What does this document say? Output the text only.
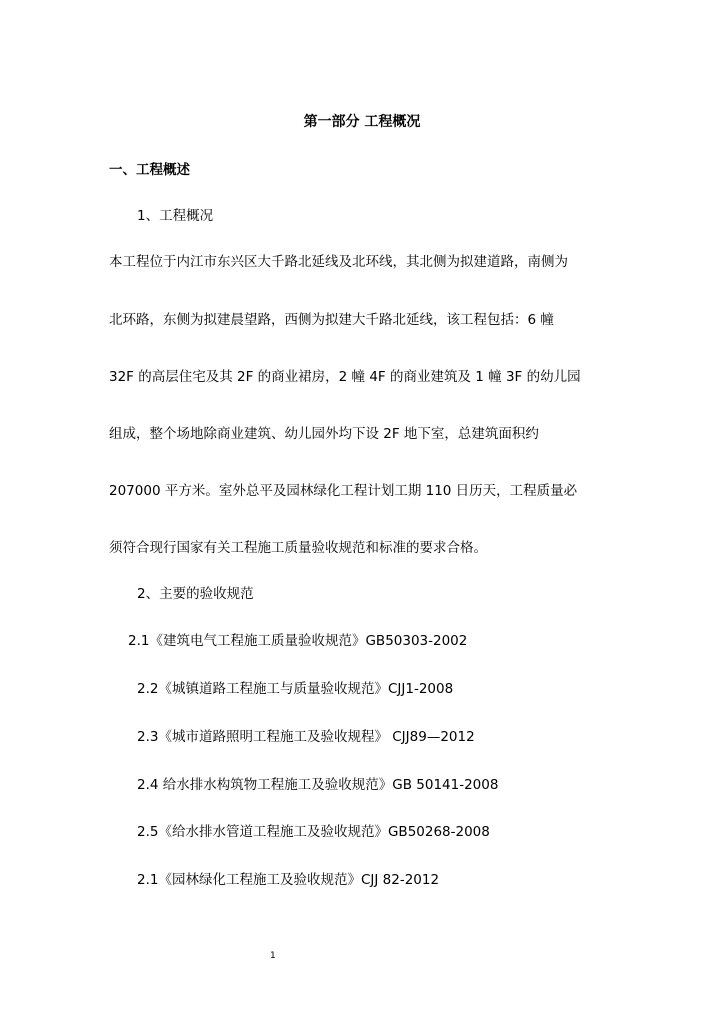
第一部分 工程概况
一、工程概述
1、工程概况
本工程位于内江市东兴区大千路北延线及北环线，其北侧为拟建道路，南侧为
北环路，东侧为拟建晨望路，西侧为拟建大千路北延线，该工程包括：6 幢
32F 的高层住宅及其 2F 的商业裙房，2 幢 4F 的商业建筑及 1 幢 3F 的幼儿园
组成，整个场地除商业建筑、幼儿园外均下设 2F 地下室，总建筑面积约
207000 平方米。室外总平及园林绿化工程计划工期 110 日历天，工程质量必
须符合现行国家有关工程施工质量验收规范和标准的要求合格。
2、主要的验收规范
2.1《建筑电气工程施工质量验收规范》GB50303-2002
2.2《城镇道路工程施工与质量验收规范》CJJ1-2008
2.3《城市道路照明工程施工及验收规程》 CJJ89—2012
2.4 给水排水构筑物工程施工及验收规范》GB 50141-2008
2.5《给水排水管道工程施工及验收规范》GB50268-2008
2.1《园林绿化工程施工及验收规范》CJJ 82-2012
1
